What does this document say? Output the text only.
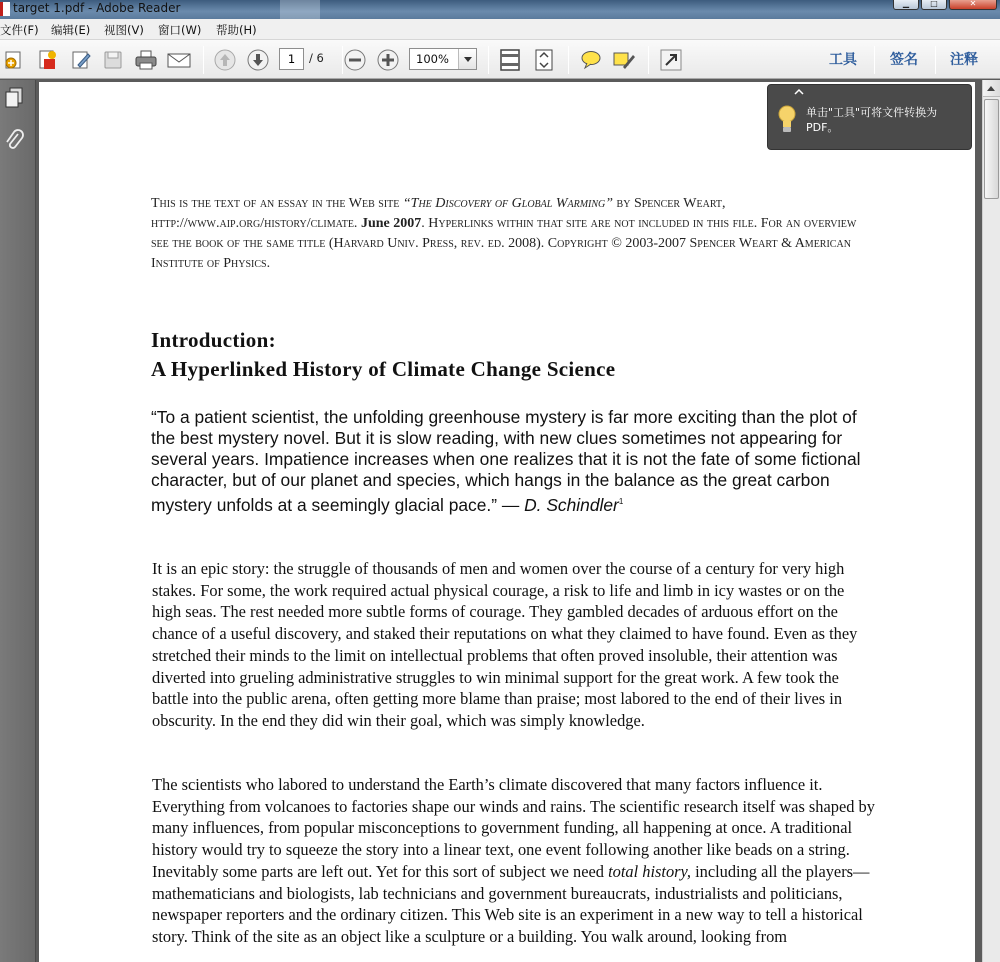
target 1.pdf - Adobe Reader	▁	□	✕
文件(F) 编辑(E) 视图(V) 窗口(W) 帮助(H)
1	/ 6	100%	工具 签名 注释
This is the text of an essay in the Web site “The Discovery of Global Warming” by Spencer Weart, http://www.aip.org/history/climate. June 2007. Hyperlinks within that site are not included in this file. For an overview see the book of the same title (Harvard Univ. Press, rev. ed. 2008). Copyright © 2003-2007 Spencer Weart & American Institute of Physics.
Introduction:
A Hyperlinked History of Climate Change Science
“To a patient scientist, the unfolding greenhouse mystery is far more exciting than the plot of the best mystery novel. But it is slow reading, with new clues sometimes not appearing for several years. Impatience increases when one realizes that it is not the fate of some fictional character, but of our planet and species, which hangs in the balance as the great carbon mystery unfolds at a seemingly glacial pace.” — D. Schindler$^1$
It is an epic story: the struggle of thousands of men and women over the course of a century for very high stakes. For some, the work required actual physical courage, a risk to life and limb in icy wastes or on the high seas. The rest needed more subtle forms of courage. They gambled decades of arduous effort on the chance of a useful discovery, and staked their reputations on what they claimed to have found. Even as they stretched their minds to the limit on intellectual problems that often proved insoluble, their attention was diverted into grueling administrative struggles to win minimal support for the great work. A few took the battle into the public arena, often getting more blame than praise; most labored to the end of their lives in obscurity. In the end they did win their goal, which was simply knowledge.
The scientists who labored to understand the Earth’s climate discovered that many factors influence it. Everything from volcanoes to factories shape our winds and rains. The scientific research itself was shaped by many influences, from popular misconceptions to government funding, all happening at once. A traditional history would try to squeeze the story into a linear text, one event following another like beads on a string. Inevitably some parts are left out. Yet for this sort of subject we need total history, including all the players—mathematicians and biologists, lab technicians and government bureaucrats, industrialists and politicians, newspaper reporters and the ordinary citizen. This Web site is an experiment in a new way to tell a historical story. Think of the site as an object like a sculpture or a building. You walk around, looking from
单击"工具"可将文件转换为 PDF。
